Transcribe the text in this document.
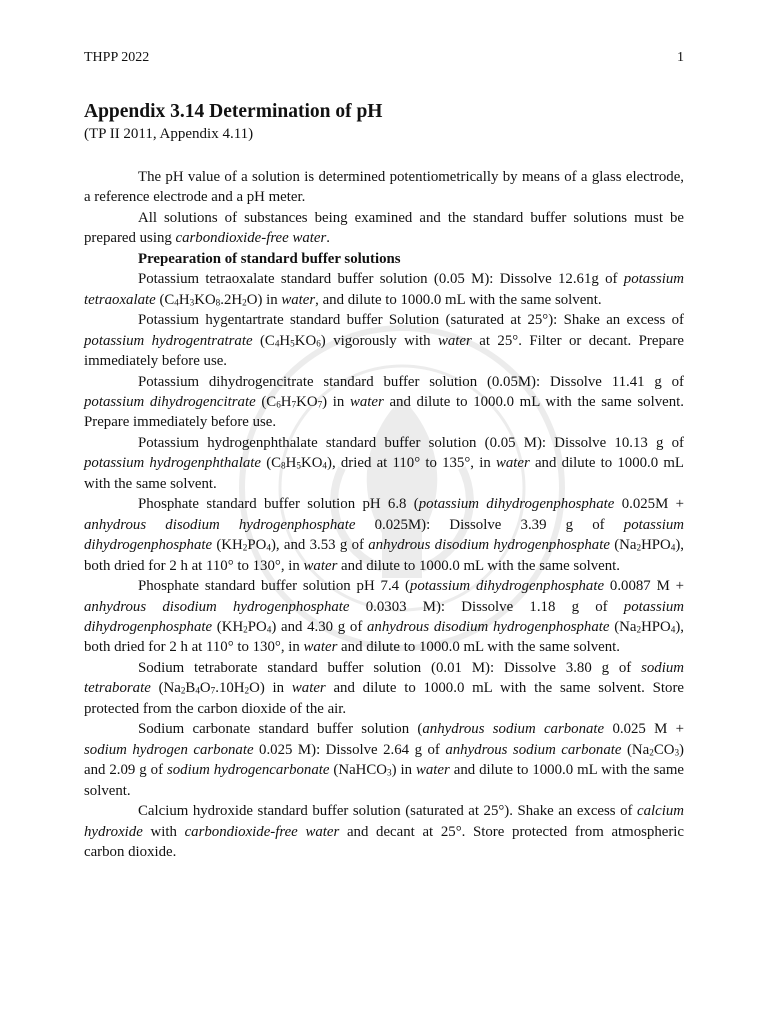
THPP 2022	1
Appendix 3.14 Determination of pH
(TP II 2011, Appendix 4.11)

The pH value of a solution is determined potentiometrically by means of a glass electrode, a reference electrode and a pH meter.

All solutions of substances being examined and the standard buffer solutions must be prepared using carbondioxide-free water.

Prepearation of standard buffer solutions

Potassium tetraoxalate standard buffer solution (0.05 M): Dissolve 12.61g of potassium tetraoxalate $(C_4H_3KO_8.2H_2O)$ in water, and dilute to 1000.0 mL with the same solvent.

Potassium hygentartrate standard buffer Solution (saturated at 25°): Shake an excess of potassium hydrogentratrate $(C_4H_5KO_6)$ vigorously with water at 25°. Filter or decant. Prepare immediately before use.

Potassium dihydrogencitrate standard buffer solution (0.05M): Dissolve 11.41 g of potassium dihydrogencitrate $(C_6H_7KO_7)$ in water and dilute to 1000.0 mL with the same solvent. Prepare immediately before use.

Potassium hydrogenphthalate standard buffer solution (0.05 M): Dissolve 10.13 g of potassium hydrogenphthalate $(C_8H_5KO_4)$, dried at 110° to 135°, in water and dilute to 1000.0 mL with the same solvent.

Phosphate standard buffer solution pH 6.8 (potassium dihydrogenphosphate 0.025M + anhydrous disodium hydrogenphosphate 0.025M): Dissolve 3.39 g of potassium dihydrogenphosphate $(KH_2PO_4)$, and 3.53 g of anhydrous disodium hydrogenphosphate $(Na_2HPO_4)$, both dried for 2 h at 110° to 130°, in water and dilute to 1000.0 mL with the same solvent.

Phosphate standard buffer solution pH 7.4 (potassium dihydrogenphosphate 0.0087 M + anhydrous disodium hydrogenphosphate 0.0303 M): Dissolve 1.18 g of potassium dihydrogenphosphate $(KH_2PO_4)$ and 4.30 g of anhydrous disodium hydrogenphosphate $(Na_2HPO_4)$, both dried for 2 h at 110° to 130°, in water and dilute to 1000.0 mL with the same solvent.

Sodium tetraborate standard buffer solution (0.01 M): Dissolve 3.80 g of sodium tetraborate $(Na_2B_4O_7.10H_2O)$ in water and dilute to 1000.0 mL with the same solvent. Store protected from the carbon dioxide of the air.

Sodium carbonate standard buffer solution (anhydrous sodium carbonate 0.025 M + sodium hydrogen carbonate 0.025 M): Dissolve 2.64 g of anhydrous sodium carbonate $(Na_2CO_3)$ and 2.09 g of sodium hydrogencarbonate (NaHCO$_3$) in water and dilute to 1000.0 mL with the same solvent.

Calcium hydroxide standard buffer solution (saturated at 25°). Shake an excess of calcium hydroxide with carbondioxide-free water and decant at 25°. Store protected from atmospheric carbon dioxide.
